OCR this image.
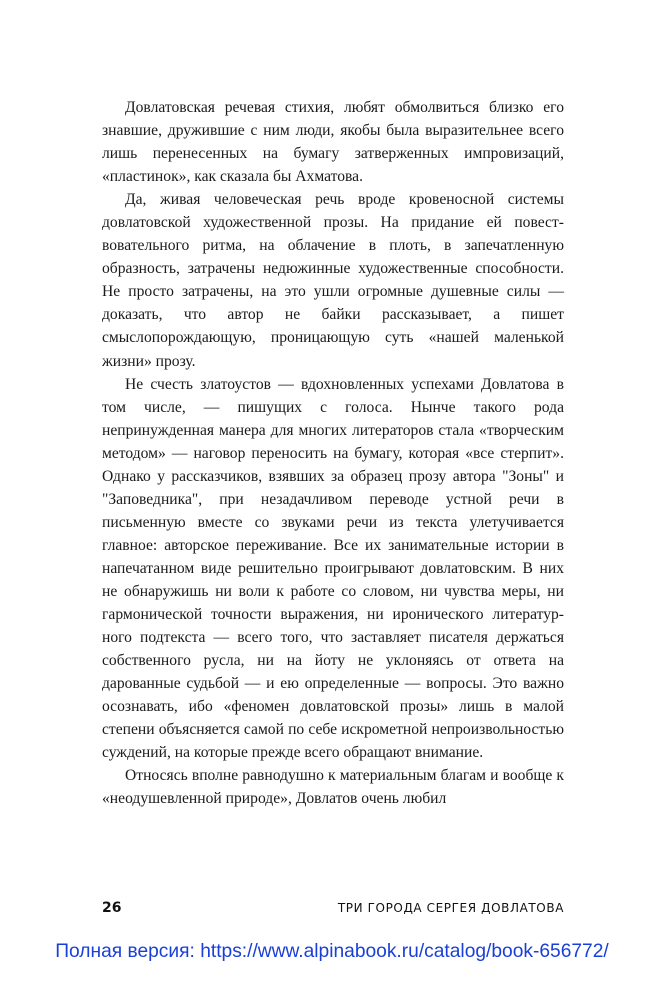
Довлатовская речевая стихия, любят обмолвиться близко его знавшие, дружившие с ним люди, якобы была выразительнее всего лишь перенесенных на бумагу затверженных импровизаций, «пластинок», как сказала бы Ахматова.

Да, живая человеческая речь вроде кровеносной системы довлатовской художественной прозы. На придание ей повествовательного ритма, на облачение в плоть, в запечатленную образность, затрачены недюжинные художественные способности. Не просто затрачены, на это ушли огромные душевные силы — доказать, что автор не байки рассказывает, а пишет смыслопорождающую, проницающую суть «нашей маленькой жизни» прозу.

Не счесть златоустов — вдохновленных успехами Довлатова в том числе, — пишущих с голоса. Нынче такого рода непринужденная манера для многих литераторов стала «творческим методом» — наговор переносить на бумагу, которая «все стерпит». Однако у рассказчиков, взявших за образец прозу автора "Зоны" и "Заповедника", при незадачливом переводе устной речи в письменную вместе со звуками речи из текста улетучивается главное: авторское переживание. Все их занимательные истории в напечатанном виде решительно проигрывают довлатовским. В них не обнаружишь ни воли к работе со словом, ни чувства меры, ни гармонической точности выражения, ни иронического литературного подтекста — всего того, что заставляет писателя держаться собственного русла, ни на йоту не уклоняясь от ответа на дарованные судьбой — и ею определенные — вопросы. Это важно осознавать, ибо «феномен довлатовской прозы» лишь в малой степени объясняется самой по себе искрометной непроизвольностью суждений, на которые прежде всего обращают внимание.

Относясь вполне равнодушно к материальным благам и вообще к «неодушевленной природе», Довлатов очень любил

26	ТРИ ГОРОДА СЕРГЕЯ ДОВЛАТОВА
Полная версия: https://www.alpinabook.ru/catalog/book-656772/
